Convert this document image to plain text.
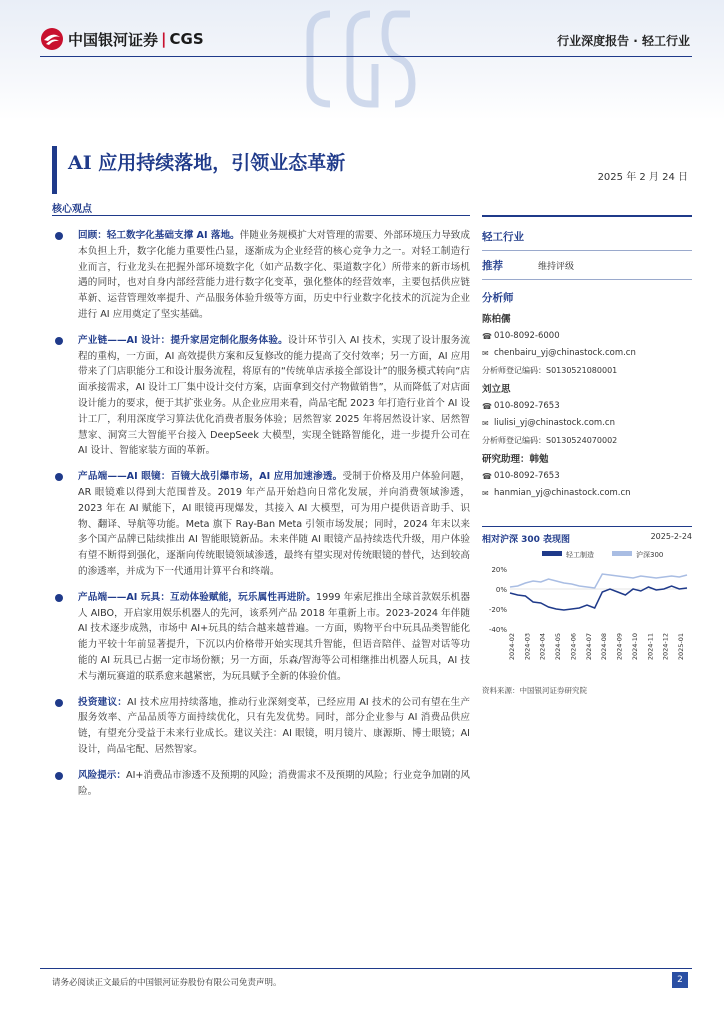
中国银河证券 | CGS	行业深度报告 · 轻工行业
AI 应用持续落地，引领业态革新
2025 年 2 月 24 日
核心观点
回顾：轻工数字化基础支撑 AI 落地。伴随业务规模扩大对管理的需要、外部环境压力导致成本负担上升，数字化能力重要性凸显，逐渐成为企业经营的核心竞争力之一。对轻工制造行业而言，行业龙头在把握外部环境数字化（如产品数字化、渠道数字化）所带来的新市场机遇的同时，也对自身内部经营能力进行数字化变革，强化整体的经营效率，主要包括供应链革新、运营管理效率提升、产品服务体验升级等方面，历史中行业数字化技术的沉淀为企业进行 AI 应用奠定了坚实基础。
产业链——AI 设计：提升家居定制化服务体验。设计环节引入 AI 技术，实现了设计服务流程的重构，一方面，AI 高效提供方案和反复修改的能力提高了交付效率；另一方面，AI 应用带来了门店职能分工和设计服务流程，将原有的“传统单店承接全部设计”的服务模式转向“店面承接需求，AI 设计工厂集中设计交付方案，店面拿到交付产物做销售”，从而降低了对店面设计能力的要求，便于其扩张业务。从企业应用来看，尚品宅配 2023 年打造行业首个 AI 设计工厂，利用深度学习算法优化消费者服务体验；居然智家 2025 年将居然设计家、居然智慧家、洞窝三大智能平台接入 DeepSeek 大模型，实现全链路智能化，进一步提升公司在 AI 设计、智能家装方面的革新。
产品端——AI 眼镜：百镜大战引爆市场，AI 应用加速渗透。受制于价格及用户体验问题，AR 眼镜难以得到大范围普及。2019 年产品开始趋向日常化发展，并向消费领域渗透，2023 年在 AI 赋能下，AI 眼镜再现爆发，其接入 AI 大模型，可为用户提供语音助手、识物、翻译、导航等功能。Meta 旗下 Ray-Ban Meta 引领市场发展；同时，2024 年末以来多个国产品牌已陆续推出 AI 智能眼镜新品。未来伴随 AI 眼镜产品持续迭代升级，用户体验有望不断得到强化，逐渐向传统眼镜领域渗透，最终有望实现对传统眼镜的替代，达到较高的渗透率，并成为下一代通用计算平台和终端。
产品端——AI 玩具：互动体验赋能，玩乐属性再进阶。1999 年索尼推出全球首款娱乐机器人 AIBO，开启家用娱乐机器人的先河，该系列产品 2018 年重新上市。2023-2024 年伴随 AI 技术逐步成熟，市场中 AI+玩具的结合越来越普遍。一方面，购物平台中玩具品类智能化能力平较十年前显著提升，下沉以内价格带开始实现其升智能，但语音陪伴、益智对话等功能的 AI 玩具已占据一定市场份额；另一方面，乐森/智海等公司相继推出机器人玩具，AI 技术与潮玩赛道的联系愈来越紧密，为玩具赋予全新的体验价值。
投资建议：AI 技术应用持续落地，推动行业深刻变革，已经应用 AI 技术的公司有望在生产服务效率、产品品质等方面持续优化，只有先发优势。同时，部分企业参与 AI 消费品供应链，有望充分受益于未来行业成长。建议关注：AI 眼镜，明月镜片、康源斯、博士眼镜；AI 设计，尚品宅配、居然智家。
风险提示：AI+消费品市渗透不及预期的风险；消费需求不及预期的风险；行业竞争加剧的风险。
轻工行业
推荐	维持评级
分析师
陈柏儒
☎ 010-8092-6000
✉ chenbairu_yj@chinastock.com.cn
分析师登记编码：S0130521080001
刘立思
☎ 010-8092-7653
✉ liulisi_yj@chinastock.com.cn
分析师登记编码：S0130524070002
研究助理：韩勉
☎ 010-8092-7653
✉ hanmian_yj@chinastock.com.cn
相对沪深 300 表现图	2025-2-24
轻工制造	沪深300
20%
0%
-20%
-40%
2024-02 2024-03 2024-04 2024-05 2024-06 2024-07 2024-08 2024-09 2024-10 2024-11 2024-12 2025-01
资料来源：中国银河证券研究院
请务必阅读正文最后的中国银河证券股份有限公司免责声明。	2
